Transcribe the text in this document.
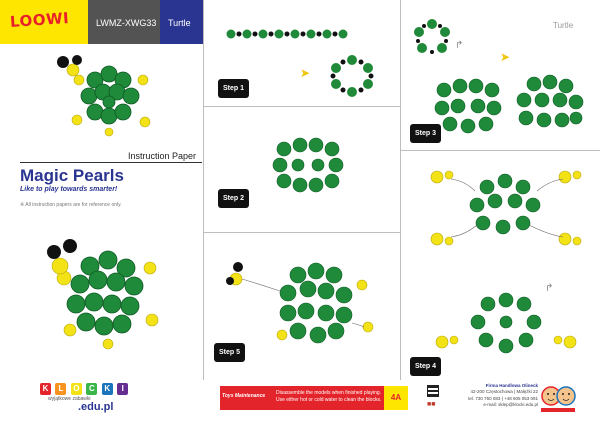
LOOWI	LWMZ-XWG33	Turtle	Turtle
Instruction Paper
Magic Pearls
Like to play towards smarter!
※ All instruction papers are for reference only.
➤
Step 1
Step 2
↱
➤
Step 3
↱
Step 4
Step 5
K L O C K I
wyjątkowe zabawki
.edu.pl
Toys Maintenance Disassemble the models when finished playing. Use either hot or cold water to clean the blocks.	4A
■■
Firma Handlowa Olineck
42-200 Częstochowa | Malężki 22
tel. 730 750 083 | +48 605 053 091
e-mail: sklep@klocki.edu.pl
